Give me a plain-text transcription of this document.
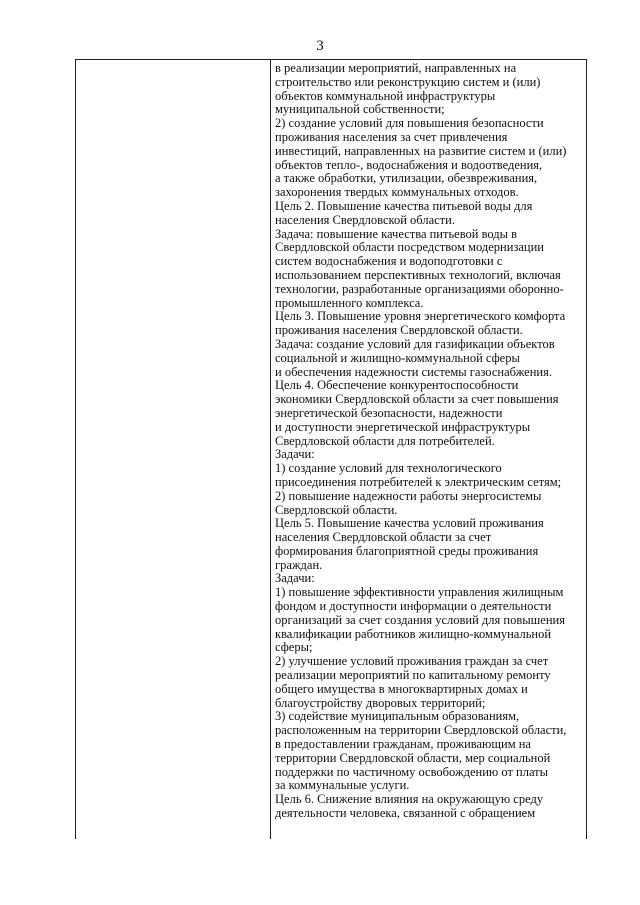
3
в реализации мероприятий, направленных на
строительство или реконструкцию систем и (или)
объектов коммунальной инфраструктуры
муниципальной собственности;
2) создание условий для повышения безопасности
проживания населения за счет привлечения
инвестиций, направленных на развитие систем и (или)
объектов тепло-, водоснабжения и водоотведения,
а также обработки, утилизации, обезвреживания,
захоронения твердых коммунальных отходов.
Цель 2. Повышение качества питьевой воды для
населения Свердловской области.
Задача: повышение качества питьевой воды в
Свердловской области посредством модернизации
систем водоснабжения и водоподготовки с
использованием перспективных технологий, включая
технологии, разработанные организациями оборонно-
промышленного комплекса.
Цель 3. Повышение уровня энергетического комфорта
проживания населения Свердловской области.
Задача: создание условий для газификации объектов
социальной и жилищно-коммунальной сферы
и обеспечения надежности системы газоснабжения.
Цель 4. Обеспечение конкурентоспособности
экономики Свердловской области за счет повышения
энергетической безопасности, надежности
и доступности энергетической инфраструктуры
Свердловской области для потребителей.
Задачи:
1) создание условий для технологического
присоединения потребителей к электрическим сетям;
2) повышение надежности работы энергосистемы
Свердловской области.
Цель 5. Повышение качества условий проживания
населения Свердловской области за счет
формирования благоприятной среды проживания
граждан.
Задачи:
1) повышение эффективности управления жилищным
фондом и доступности информации о деятельности
организаций за счет создания условий для повышения
квалификации работников жилищно-коммунальной
сферы;
2) улучшение условий проживания граждан за счет
реализации мероприятий по капитальному ремонту
общего имущества в многоквартирных домах и
благоустройству дворовых территорий;
3) содействие муниципальным образованиям,
расположенным на территории Свердловской области,
в предоставлении гражданам, проживающим на
территории Свердловской области, мер социальной
поддержки по частичному освобождению от платы
за коммунальные услуги.
Цель 6. Снижение влияния на окружающую среду
деятельности человека, связанной с обращением
